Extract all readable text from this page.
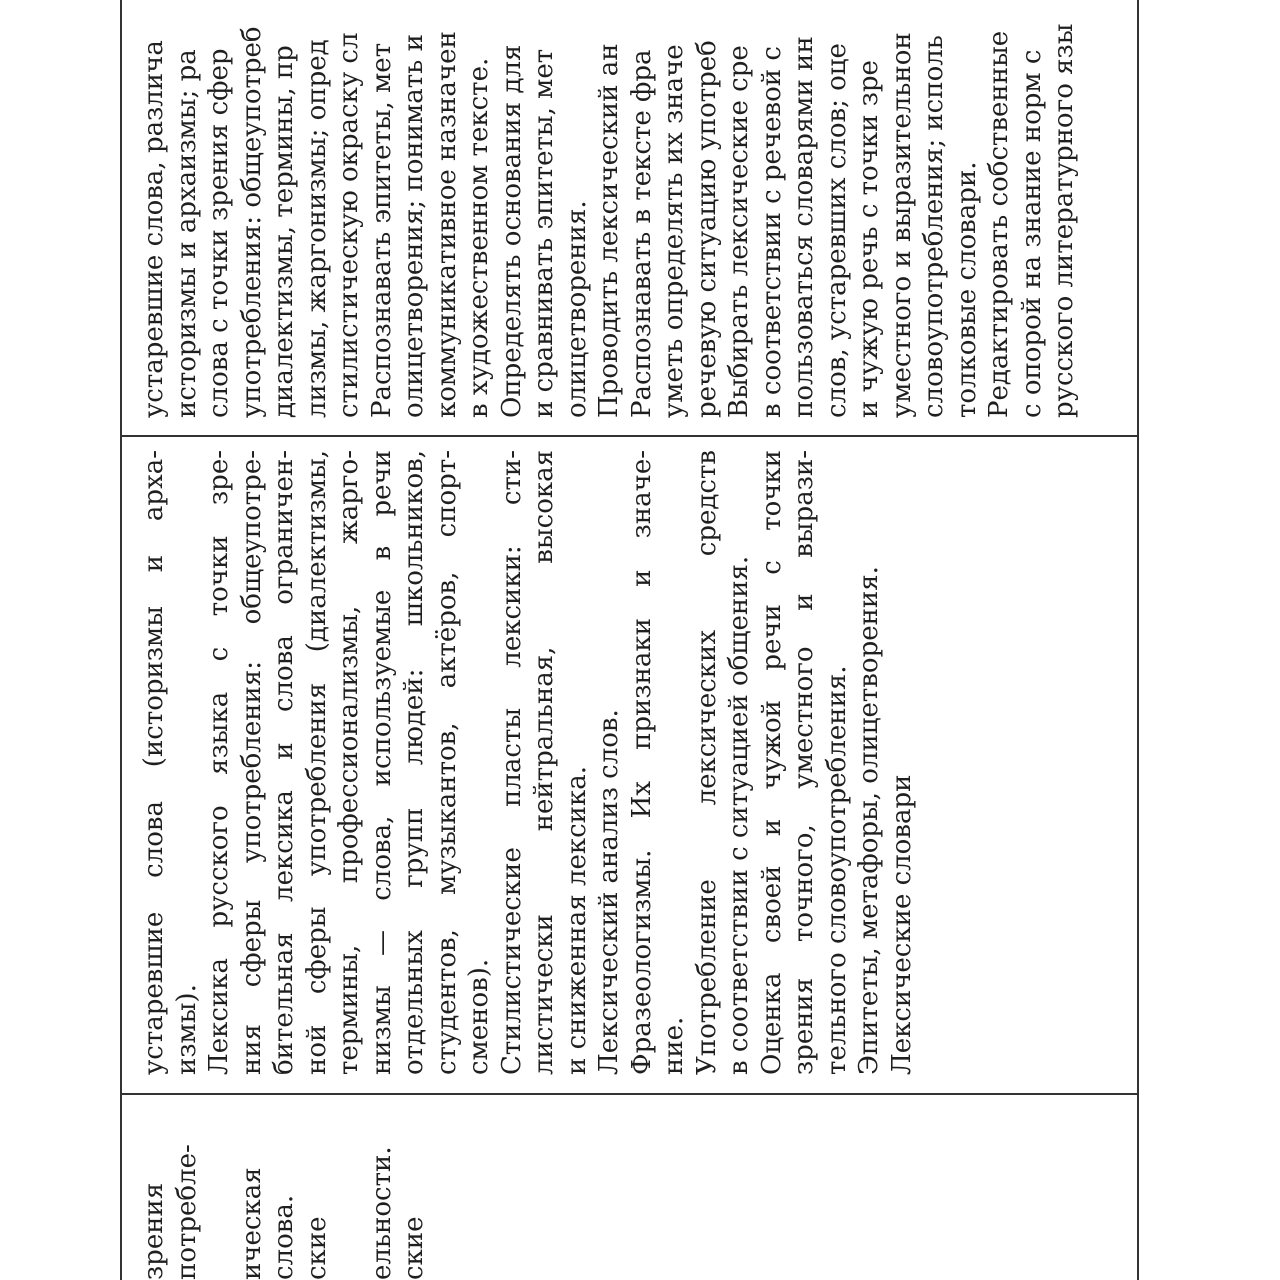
зрения потребле-
ическая слова. ские
ельности. ские
устаревшие слова (историзмы и арха- измы). Лексика русского языка с точки зре- ния сферы употребления: общеупотре- бительная лексика и слова ограничен- ной сферы употребления (диалектизмы, термины, профессионализмы, жарго- низмы — слова, используемые в речи отдельных групп людей: школьников, студентов, музыкантов, актёров, спорт- сменов). Стилистические пласты лексики: сти- листически нейтральная, высокая и сниженная лексика. Лексический анализ слов. Фразеологизмы. Их признаки и значе- ние. Употребление лексических средств в соответствии с ситуацией общения. Оценка своей и чужой речи с точки зрения точного, уместного и вырази- тельного словоупотребления. Эпитеты, метафоры, олицетворения. Лексические словари
устаревшие слова, различа историзмы и архаизмы; ра слова с точки зрения сфер употребления: общеупотреб диалектизмы, термины, пр лизмы, жаргонизмы; опред стилистическую окраску сл Распознавать эпитеты, мет олицетворения; понимать и коммуникативное назначен в художественном тексте. Определять основания для и сравнивать эпитеты, мет олицетворения. Проводить лексический ан Распознавать в тексте фра уметь определять их значе речевую ситуацию употреб Выбирать лексические сре в соответствии с речевой с пользоваться словарями ин слов, устаревших слов; оце и чужую речь с точки зре уместного и выразительнон словоупотребления; исполь толковые словари. Редактировать собственные с опорой на знание норм с русского литературного язы
